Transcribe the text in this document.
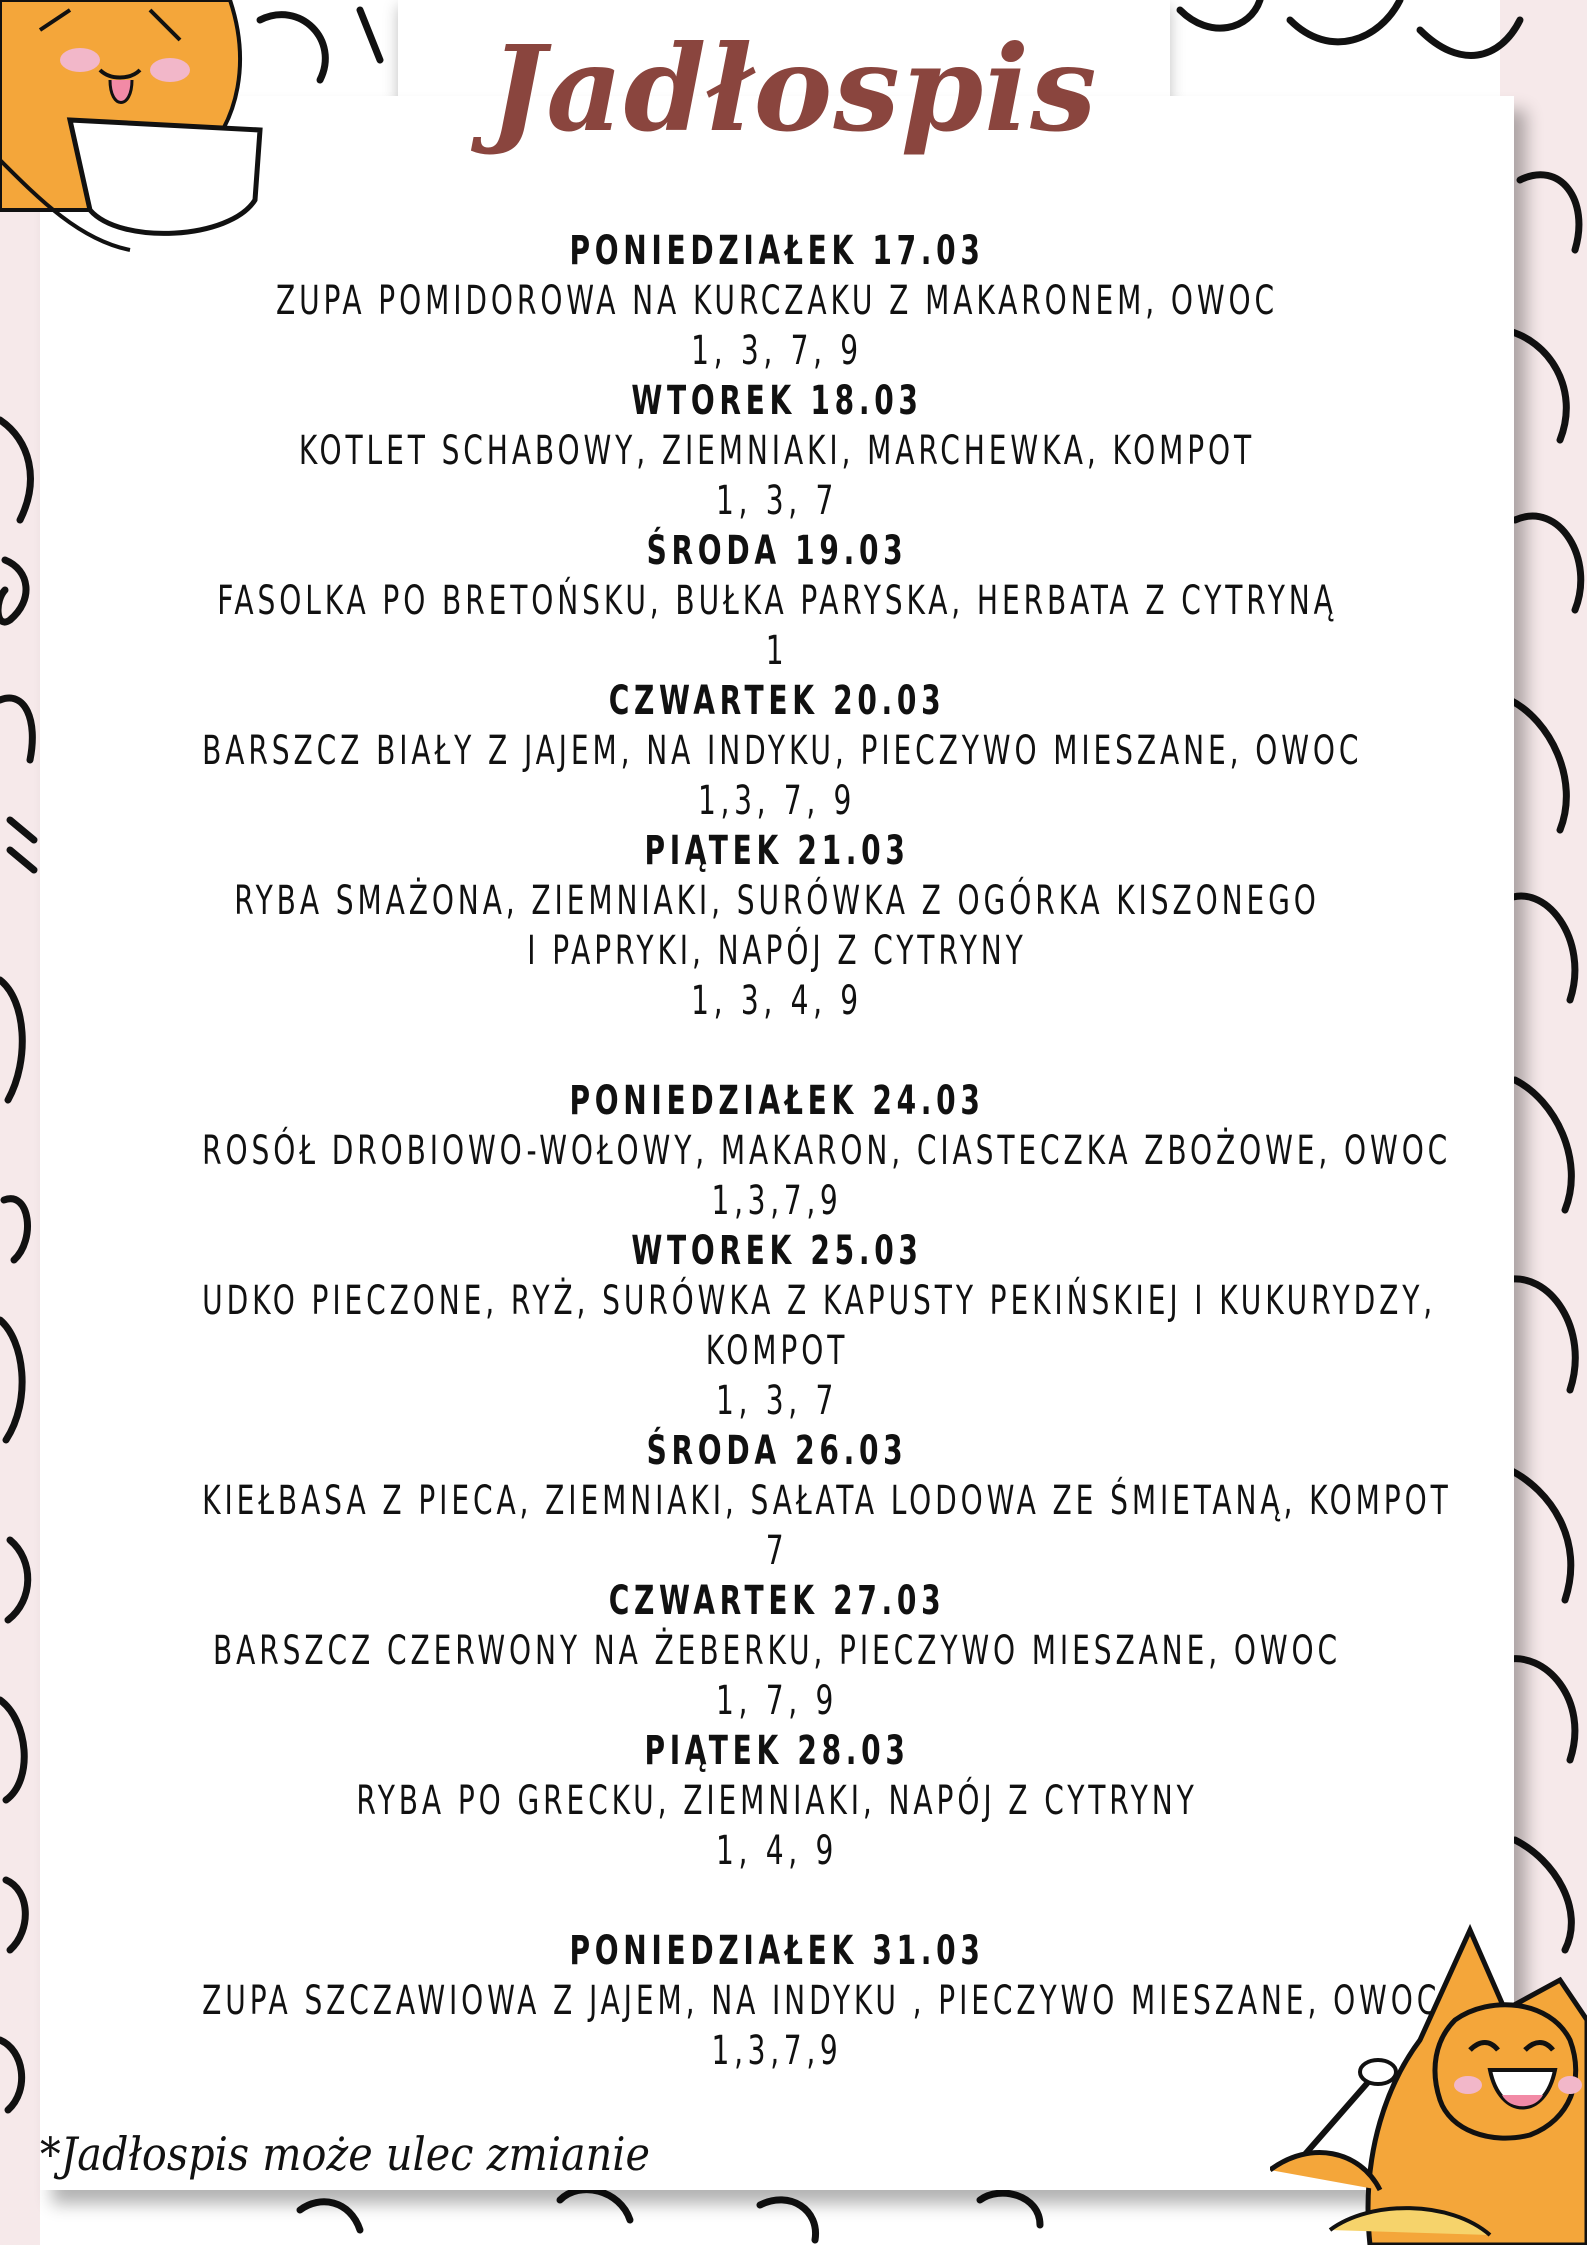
Jadłospis
PONIEDZIAŁEK 17.03
ZUPA POMIDOROWA NA KURCZAKU Z MAKARONEM, OWOC
1, 3, 7, 9
WTOREK 18.03
KOTLET SCHABOWY, ZIEMNIAKI, MARCHEWKA, KOMPOT
1, 3, 7
ŚRODA 19.03
FASOLKA PO BRETOŃSKU, BUŁKA PARYSKA, HERBATA Z CYTRYNĄ
1
CZWARTEK 20.03
BARSZCZ BIAŁY Z JAJEM, NA INDYKU, PIECZYWO MIESZANE, OWOC
1,3, 7, 9
PIĄTEK 21.03
RYBA SMAŻONA, ZIEMNIAKI, SURÓWKA Z OGÓRKA KISZONEGO
I PAPRYKI, NAPÓJ Z CYTRYNY
1, 3, 4, 9
PONIEDZIAŁEK 24.03
ROSÓŁ DROBIOWO-WOŁOWY, MAKARON, CIASTECZKA ZBOŻOWE, OWOC
1,3,7,9
WTOREK 25.03
UDKO PIECZONE, RYŻ, SURÓWKA Z KAPUSTY PEKIŃSKIEJ I KUKURYDZY,
KOMPOT
1, 3, 7
ŚRODA 26.03
KIEŁBASA Z PIECA, ZIEMNIAKI, SAŁATA LODOWA ZE ŚMIETANĄ, KOMPOT
7
CZWARTEK 27.03
BARSZCZ CZERWONY NA ŻEBERKU, PIECZYWO MIESZANE, OWOC
1, 7, 9
PIĄTEK 28.03
RYBA PO GRECKU, ZIEMNIAKI, NAPÓJ Z CYTRYNY
1, 4, 9
PONIEDZIAŁEK 31.03
ZUPA SZCZAWIOWA Z JAJEM, NA INDYKU , PIECZYWO MIESZANE, OWOC
1,3,7,9
*Jadłospis może ulec zmianie
